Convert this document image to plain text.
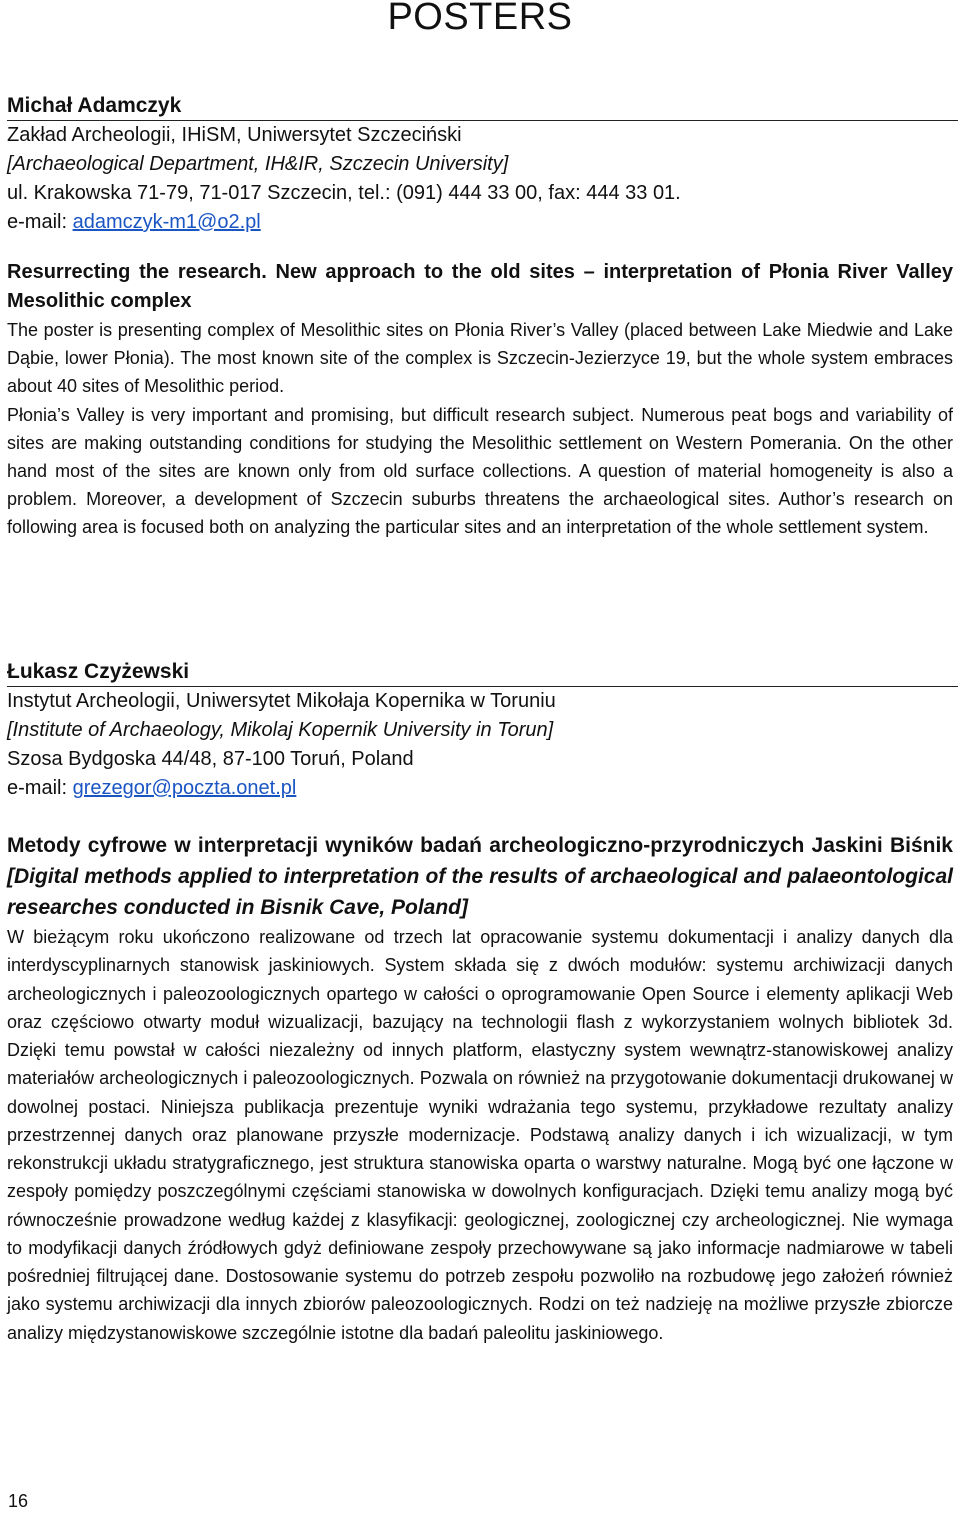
POSTERS
Michał Adamczyk
Zakład Archeologii, IHiSM, Uniwersytet Szczeciński
[Archaeological Department, IH&IR, Szczecin University]
ul. Krakowska 71-79, 71-017 Szczecin, tel.: (091) 444 33 00, fax: 444 33 01.
e-mail: adamczyk-m1@o2.pl
Resurrecting the research. New approach to the old sites – interpretation of Płonia River Valley Mesolithic complex

The poster is presenting complex of Mesolithic sites on Płonia River’s Valley (placed between Lake Miedwie and Lake Dąbie, lower Płonia). The most known site of the complex is Szczecin-Jezierzyce 19, but the whole system embraces about 40 sites of Mesolithic period.

Płonia’s Valley is very important and promising, but difficult research subject. Numerous peat bogs and variability of sites are making outstanding conditions for studying the Mesolithic settlement on Western Pomerania. On the other hand most of the sites are known only from old surface collections. A question of material homogeneity is also a problem. Moreover, a development of Szczecin suburbs threatens the archaeological sites. Author’s research on following area is focused both on analyzing the particular sites and an interpretation of the whole settlement system.

Łukasz Czyżewski
Instytut Archeologii, Uniwersytet Mikołaja Kopernika w Toruniu
[Institute of Archaeology, Mikolaj Kopernik University in Torun]
Szosa Bydgoska 44/48, 87-100 Toruń, Poland
e-mail: grezegor@poczta.onet.pl
Metody cyfrowe w interpretacji wyników badań archeologiczno-przyrodniczych Jaskini Biśnik [Digital methods applied to interpretation of the results of archaeological and palaeontological researches conducted in Bisnik Cave, Poland]

W bieżącym roku ukończono realizowane od trzech lat opracowanie systemu dokumentacji i analizy danych dla interdyscyplinarnych stanowisk jaskiniowych. System składa się z dwóch modułów: systemu archiwizacji danych archeologicznych i paleozoologicznych opartego w całości o oprogramowanie Open Source i elementy aplikacji Web oraz częściowo otwarty moduł wizualizacji, bazujący na technologii flash z wykorzystaniem wolnych bibliotek 3d. Dzięki temu powstał w całości niezależny od innych platform, elastyczny system wewnątrz-stanowiskowej analizy materiałów archeologicznych i paleozoologicznych. Pozwala on również na przygotowanie dokumentacji drukowanej w dowolnej postaci. Niniejsza publikacja prezentuje wyniki wdrażania tego systemu, przykładowe rezultaty analizy przestrzennej danych oraz planowane przyszłe modernizacje. Podstawą analizy danych i ich wizualizacji, w tym rekonstrukcji układu stratygraficznego, jest struktura stanowiska oparta o warstwy naturalne. Mogą być one łączone w zespoły pomiędzy poszczególnymi częściami stanowiska w dowolnych konfiguracjach. Dzięki temu analizy mogą być równocześnie prowadzone według każdej z klasyfikacji: geologicznej, zoologicznej czy archeologicznej. Nie wymaga to modyfikacji danych źródłowych gdyż definiowane zespoły przechowywane są jako informacje nadmiarowe w tabeli pośredniej filtrującej dane. Dostosowanie systemu do potrzeb zespołu pozwoliło na rozbudowę jego założeń również jako systemu archiwizacji dla innych zbiorów paleozoologicznych. Rodzi on też nadzieję na możliwe przyszłe zbiorcze analizy międzystanowiskowe szczególnie istotne dla badań paleolitu jaskiniowego.

16
